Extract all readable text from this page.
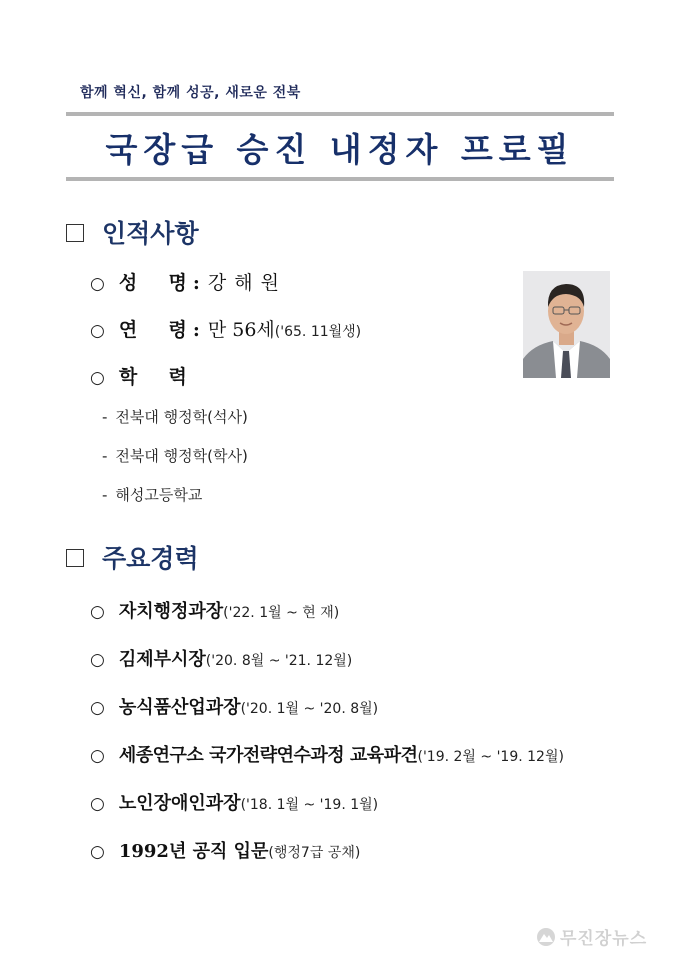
함께 혁신, 함께 성공, 새로운 전북
국장급 승진 내정자 프로필
인적사항
○ 성 명 : 강해원
○ 연 령 : 만 56세 ('65. 11월생)
○ 학 력
- 전북대 행정학(석사)
- 전북대 행정학(학사)
- 해성고등학교
주요경력
○ 자치행정과장 ('22. 1월 ~ 현 재)
○ 김제부시장 ('20. 8월 ~ '21. 12월)
○ 농식품산업과장 ('20. 1월 ~ '20. 8월)
○ 세종연구소 국가전략연수과정 교육파견 ('19. 2월 ~ '19. 12월)
○ 노인장애인과장 ('18. 1월 ~ '19. 1월)
○ 1992년 공직 입문 (행정7급 공채)
무진장뉴스
